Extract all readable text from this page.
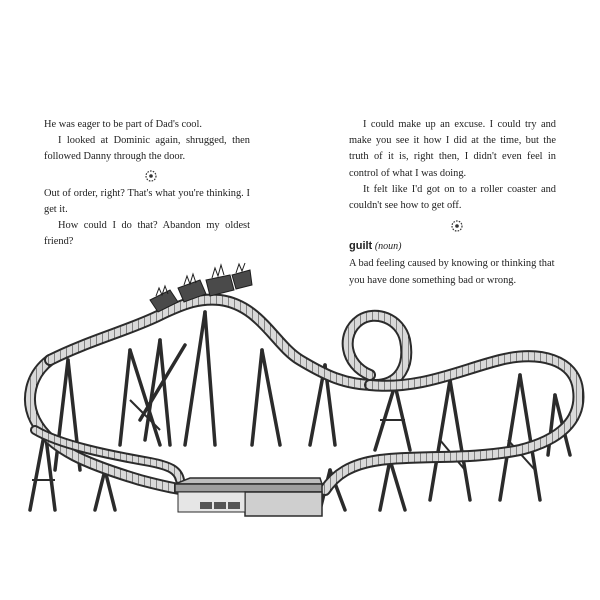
He was eager to be part of Dad's cool.

I looked at Dominic again, shrugged, then followed Danny through the door.

Out of order, right? That's what you're thinking. I get it.

How could I do that? Abandon my oldest friend?

I could make up an excuse. I could try and make you see it how I did at the time, but the truth of it is, right then, I didn't even feel in control of what I was doing.

It felt like I'd got on to a roller coaster and couldn't see how to get off.

guilt (noun)
A bad feeling caused by knowing or thinking that you have done something bad or wrong.
